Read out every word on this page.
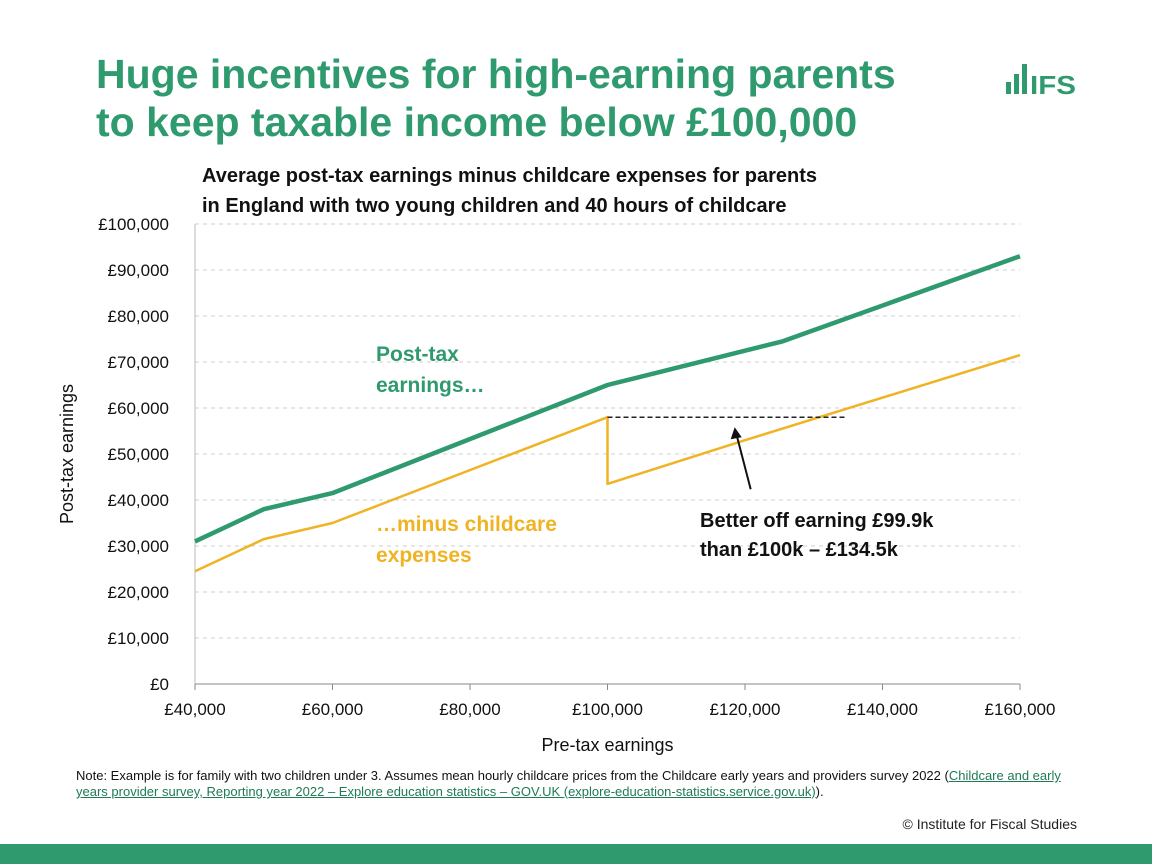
Huge incentives for high-earning parents
to keep taxable income below £100,000
IFS
Average post-tax earnings minus childcare expenses for parents
in England with two young children and 40 hours of childcare
£0
£10,000
£20,000
£30,000
£40,000
£50,000
£60,000
£70,000
£80,000
£90,000
£100,000
£40,000	£60,000	£80,000	£100,000	£120,000	£140,000	£160,000
Pre-tax earnings
Post-tax earnings	Better off earning £99.9k
than £100k – £134.5k
Post-tax
earnings…
…minus childcare
expenses
Note: Example is for family with two children under 3. Assumes mean hourly childcare prices from the Childcare early years and providers survey 2022 (Childcare and early years provider survey, Reporting year 2022 – Explore education statistics – GOV.UK (explore-education-statistics.service.gov.uk)).
© Institute for Fiscal Studies
